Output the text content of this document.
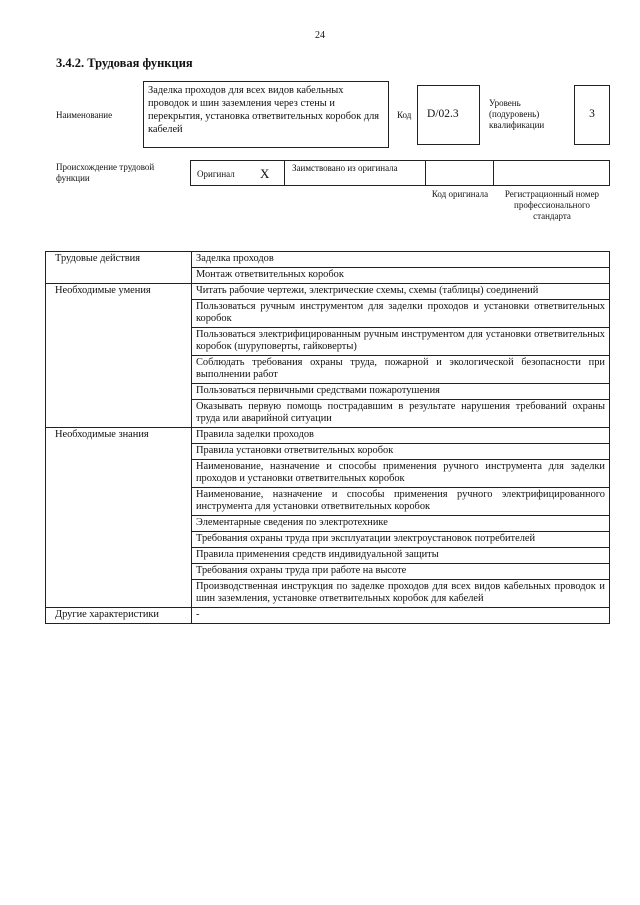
24
3.4.2. Трудовая функция
Наименование
Заделка проходов для всех видов кабельных проводок и шин заземления через стены и перекрытия, установка ответвительных коробок для кабелей
Код	D/02.3
Уровень (подуровень) квалификации
3
Происхождение трудовой функции	Оригинал X	Заимствовано из оригинала
Код оригинала	Регистрационный номер профессионального стандарта
Трудовые действия	Заделка проходов
	Монтаж ответвительных коробок
Необходимые умения	Читать рабочие чертежи, электрические схемы, схемы (таблицы) соединений
	Пользоваться ручным инструментом для заделки проходов и установки ответвительных коробок
	Пользоваться электрифицированным ручным инструментом для установки ответвительных коробок (шуруповерты, гайковерты)
	Соблюдать требования охраны труда, пожарной и экологической безопасности при выполнении работ
	Пользоваться первичными средствами пожаротушения
	Оказывать первую помощь пострадавшим в результате нарушения требований охраны труда или аварийной ситуации
Необходимые знания	Правила заделки проходов
	Правила установки ответвительных коробок
	Наименование, назначение и способы применения ручного инструмента для заделки проходов и установки ответвительных коробок
	Наименование, назначение и способы применения ручного электрифицированного инструмента для установки ответвительных коробок
	Элементарные сведения по электротехнике
	Требования охраны труда при эксплуатации электроустановок потребителей
	Правила применения средств индивидуальной защиты
	Требования охраны труда при работе на высоте
	Производственная инструкция по заделке проходов для всех видов кабельных проводок и шин заземления, установке ответвительных коробок для кабелей
Другие характеристики	-
